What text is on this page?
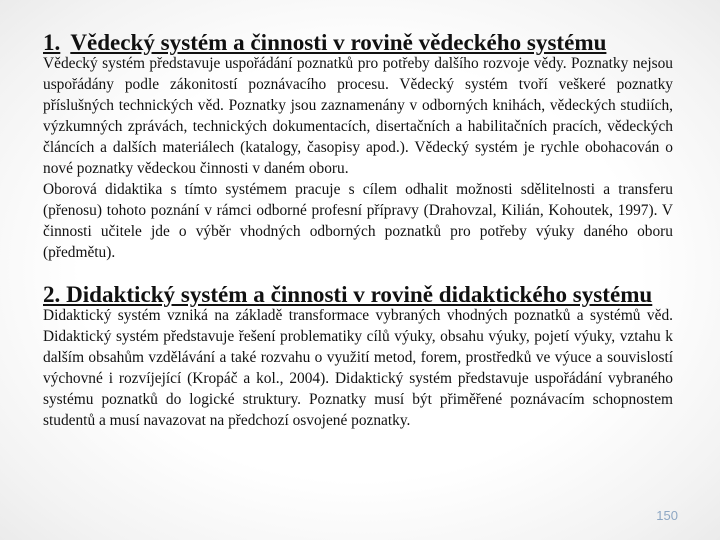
1. Vědecký systém a činnosti v rovině vědeckého systému

Vědecký systém představuje uspořádání poznatků pro potřeby dalšího rozvoje vědy. Poznatky nejsou uspořádány podle zákonitostí poznávacího procesu. Vědecký systém tvoří veškeré poznatky příslušných technických věd. Poznatky jsou zaznamenány v odborných knihách, vědeckých studiích, výzkumných zprávách, technických dokumentacích, disertačních a habilitačních pracích, vědeckých článcích a dalších materiálech (katalogy, časopisy apod.). Vědecký systém je rychle obohacován o nové poznatky vědeckou činnosti v daném oboru.

Oborová didaktika s tímto systémem pracuje s cílem odhalit možnosti sdělitelnosti a transferu (přenosu) tohoto poznání v rámci odborné profesní přípravy (Drahovzal, Kilián, Kohoutek, 1997). V činnosti učitele jde o výběr vhodných odborných poznatků pro potřeby výuky daného oboru (předmětu).

2. Didaktický systém a činnosti v rovině didaktického systému

Didaktický systém vzniká na základě transformace vybraných vhodných poznatků a systémů věd. Didaktický systém představuje řešení problematiky cílů výuky, obsahu výuky, pojetí výuky, vztahu k dalším obsahům vzdělávání a také rozvahu o využití metod, forem, prostředků ve výuce a souvislostí výchovné i rozvíjející (Kropáč a kol., 2004). Didaktický systém představuje uspořádání vybraného systému poznatků do logické struktury. Poznatky musí být přiměřené poznávacím schopnostem studentů a musí navazovat na předchozí osvojené poznatky.

150
